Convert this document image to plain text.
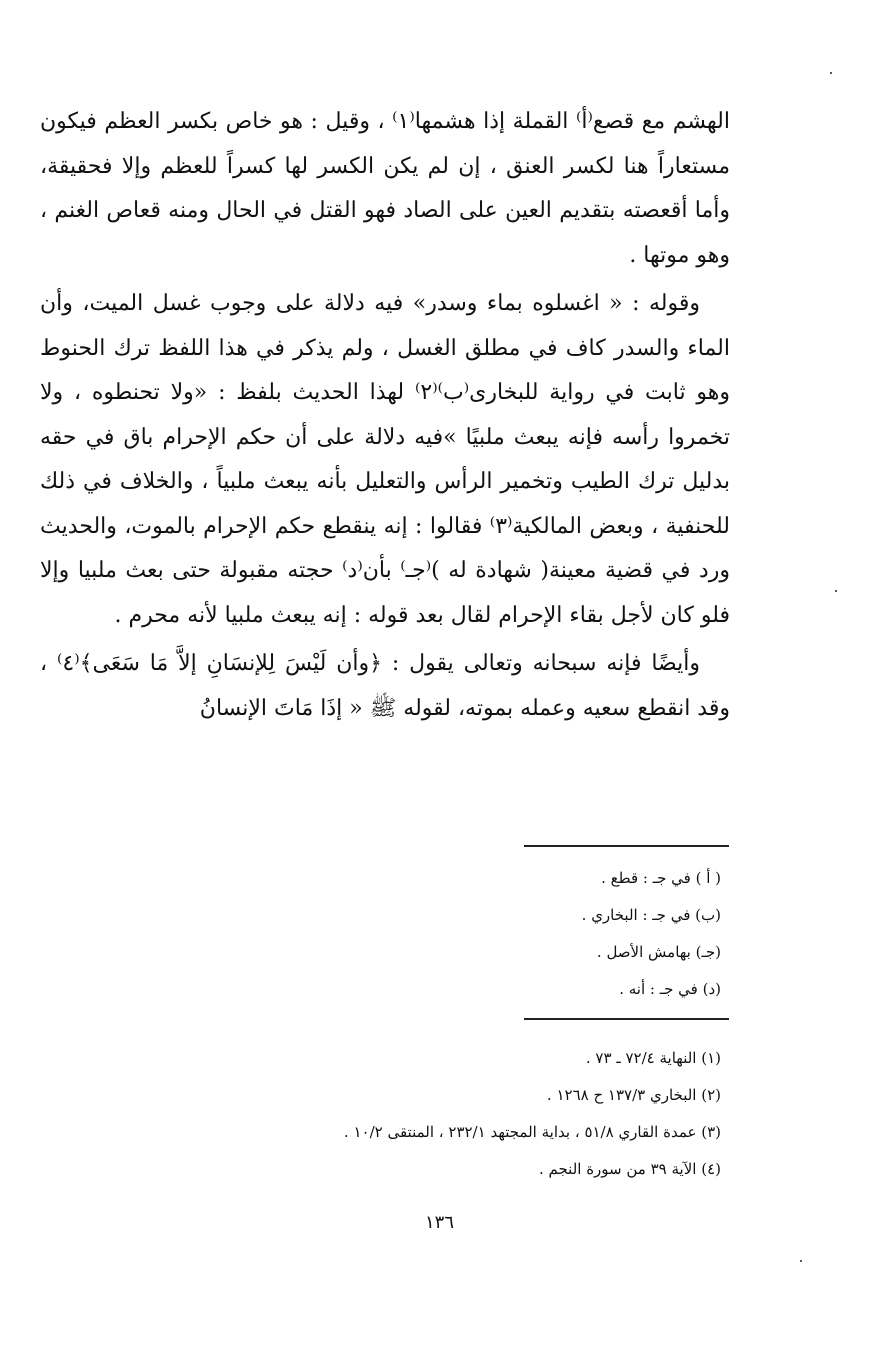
الهشم مع قصع⁽أ⁾ القملة إذا هشمها⁽١⁾ ، وقيل : هو خاص بكسر العظم فيكون مستعاراً هنا لكسر العنق ، إن لم يكن الكسر لها كسراً للعظم وإلا فحقيقة، وأما أقعصته بتقديم العين على الصاد فهو القتل في الحال ومنه قعاص الغنم ، وهو موتها .

وقوله : « اغسلوه بماء وسدر» فيه دلالة على وجوب غسل الميت، وأن الماء والسدر كاف في مطلق الغسل ، ولم يذكر في هذا اللفظ ترك الحنوط وهو ثابت في رواية للبخارى⁽ب⁾⁽٢⁾ لهذا الحديث بلفظ : «ولا تحنطوه ، ولا تخمروا رأسه فإنه يبعث ملبيًا »فيه دلالة على أن حكم الإحرام باق في حقه بدليل ترك الطيب وتخمير الرأس والتعليل بأنه يبعث ملبياً ، والخلاف في ذلك للحنفية ، وبعض المالكية⁽٣⁾ فقالوا : إنه ينقطع حكم الإحرام بالموت، والحديث ورد في قضية معينة( شهادة له )⁽جـ⁾ بأن⁽د⁾ حجته مقبولة حتى بعث ملبيا وإلا فلو كان لأجل بقاء الإحرام لقال بعد قوله : إنه يبعث ملبيا لأنه محرم .

وأيضًا فإنه سبحانه وتعالى يقول : ﴿وأن لَيْسَ لِلإنسَانِ إلاَّ مَا سَعَى﴾⁽٤⁾ ، وقد انقطع سعيه وعمله بموته، لقوله ﷺ « إذَا مَاتَ الإنسانُ

( أ ) في جـ : قطع .
(ب) في جـ : البخاري .
(جـ) بهامش الأصل .
(د) في جـ : أنه .
(١) النهاية ٧٢/٤ ـ ٧٣ .
(٢) البخاري ١٣٧/٣ ح ١٢٦٨ .
(٣) عمدة القاري ٥١/٨ ، بداية المجتهد ٢٣٢/١ ، المنتقى ١٠/٢ .
(٤) الآية ٣٩ من سورة النجم .
١٣٦
